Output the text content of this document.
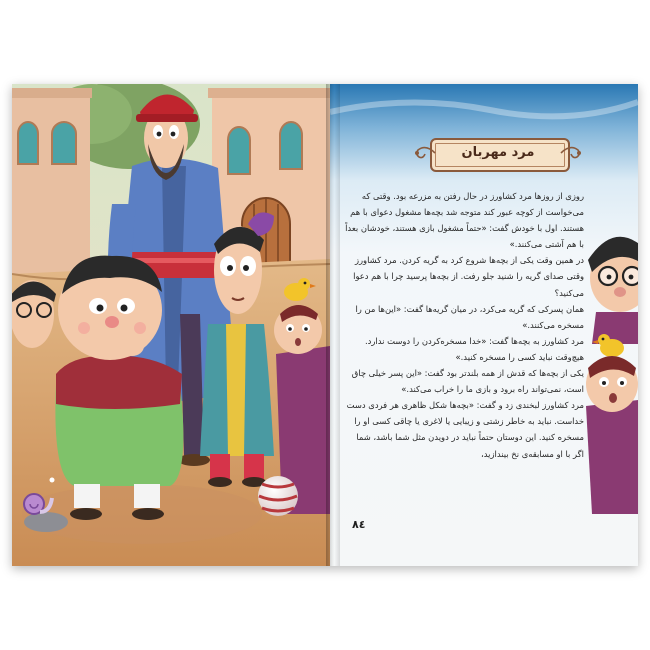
مرد مهربان

روزی از روزها مرد کشاورز در حال رفتن به مزرعه بود. وقتی که می‌خواست از کوچه عبور کند متوجه شد بچه‌ها مشغول دعوای با هم هستند. اول با خودش گفت: «حتماً مشغول بازی هستند، خودشان بعداً با هم آشتی می‌کنند.»

در همین وقت یکی از بچه‌ها شروع کرد به گریه کردن. مرد کشاورز وقتی صدای گریه را شنید جلو رفت. از بچه‌ها پرسید چرا با هم دعوا می‌کنید؟

همان پسرکی که گریه می‌کرد، در میان گریه‌ها گفت: «این‌ها من را مسخره می‌کنند.»

مرد کشاورز به بچه‌ها گفت: «خدا مسخره‌کردن را دوست ندارد. هیچ‌وقت نباید کسی را مسخره کنید.»

یکی از بچه‌ها که قدش از همه بلندتر بود گفت: «این پسر خیلی چاق است، نمی‌تواند راه برود و بازی ما را خراب می‌کند.»

مرد کشاورز لبخندی زد و گفت: «بچه‌ها شکل ظاهری هر فردی دست خداست. نباید به خاطر زشتی و زیبایی یا لاغری یا چاقی کسی او را مسخره کنید. این دوستان حتماً نباید در دویدن مثل شما باشد، شما اگر با او مسابقه‌ی نخ بیندازید،

۸٤
